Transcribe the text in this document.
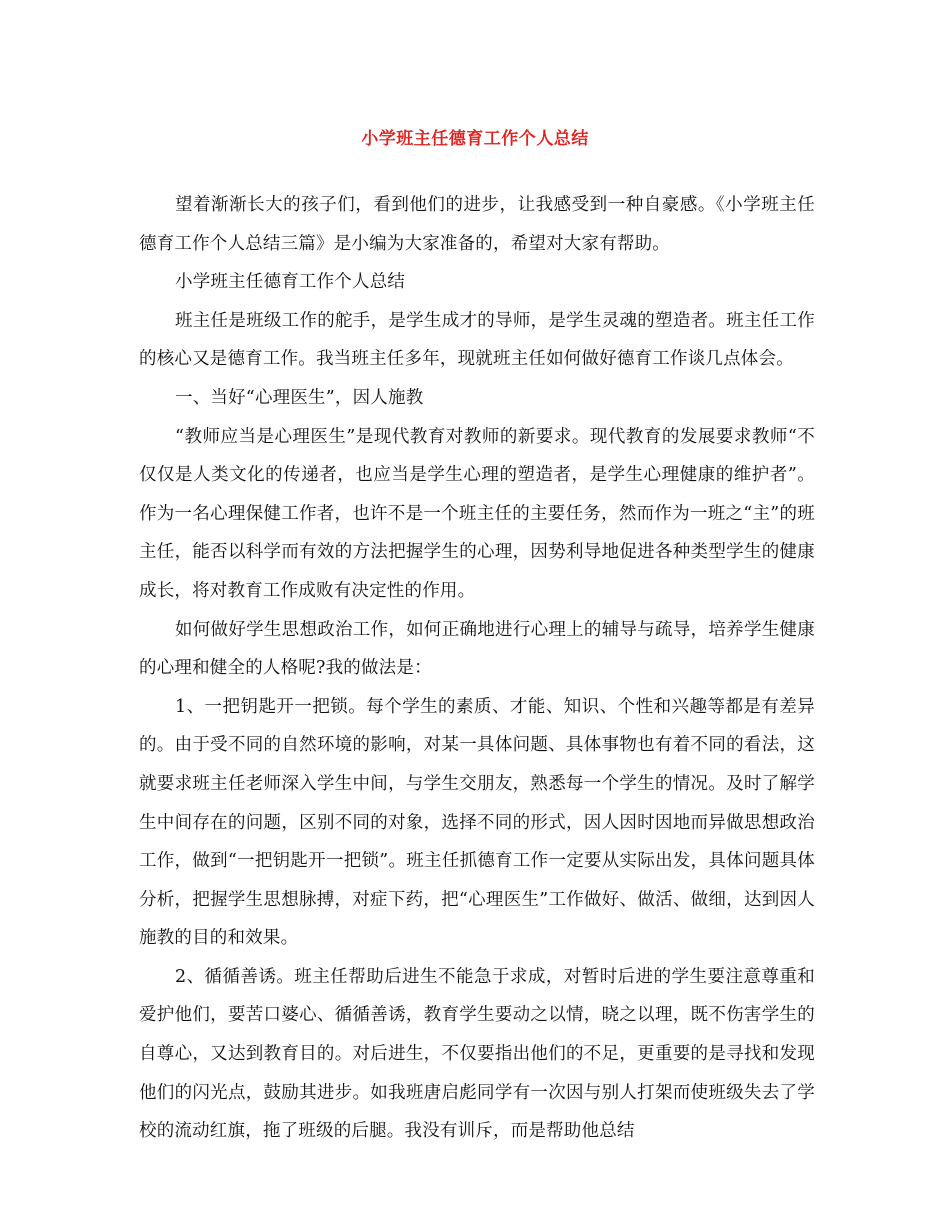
小学班主任德育工作个人总结

望着渐渐长大的孩子们，看到他们的进步，让我感受到一种自豪感。《小学班主任德育工作个人总结三篇》是小编为大家准备的，希望对大家有帮助。

小学班主任德育工作个人总结

班主任是班级工作的舵手，是学生成才的导师，是学生灵魂的塑造者。班主任工作的核心又是德育工作。我当班主任多年，现就班主任如何做好德育工作谈几点体会。

一、当好“心理医生”，因人施教

“教师应当是心理医生”是现代教育对教师的新要求。现代教育的发展要求教师“不仅仅是人类文化的传递者，也应当是学生心理的塑造者，是学生心理健康的维护者”。作为一名心理保健工作者，也许不是一个班主任的主要任务，然而作为一班之“主”的班主任，能否以科学而有效的方法把握学生的心理，因势利导地促进各种类型学生的健康成长，将对教育工作成败有决定性的作用。

如何做好学生思想政治工作，如何正确地进行心理上的辅导与疏导，培养学生健康的心理和健全的人格呢?我的做法是：

1、一把钥匙开一把锁。每个学生的素质、才能、知识、个性和兴趣等都是有差异的。由于受不同的自然环境的影响，对某一具体问题、具体事物也有着不同的看法，这就要求班主任老师深入学生中间，与学生交朋友，熟悉每一个学生的情况。及时了解学生中间存在的问题，区别不同的对象，选择不同的形式，因人因时因地而异做思想政治工作，做到“一把钥匙开一把锁”。班主任抓德育工作一定要从实际出发，具体问题具体分析，把握学生思想脉搏，对症下药，把“心理医生”工作做好、做活、做细，达到因人施教的目的和效果。

2、循循善诱。班主任帮助后进生不能急于求成，对暂时后进的学生要注意尊重和爱护他们，要苦口婆心、循循善诱，教育学生要动之以情，晓之以理，既不伤害学生的自尊心，又达到教育目的。对后进生，不仅要指出他们的不足，更重要的是寻找和发现他们的闪光点，鼓励其进步。如我班唐启彪同学有一次因与别人打架而使班级失去了学校的流动红旗，拖了班级的后腿。我没有训斥，而是帮助他总结
